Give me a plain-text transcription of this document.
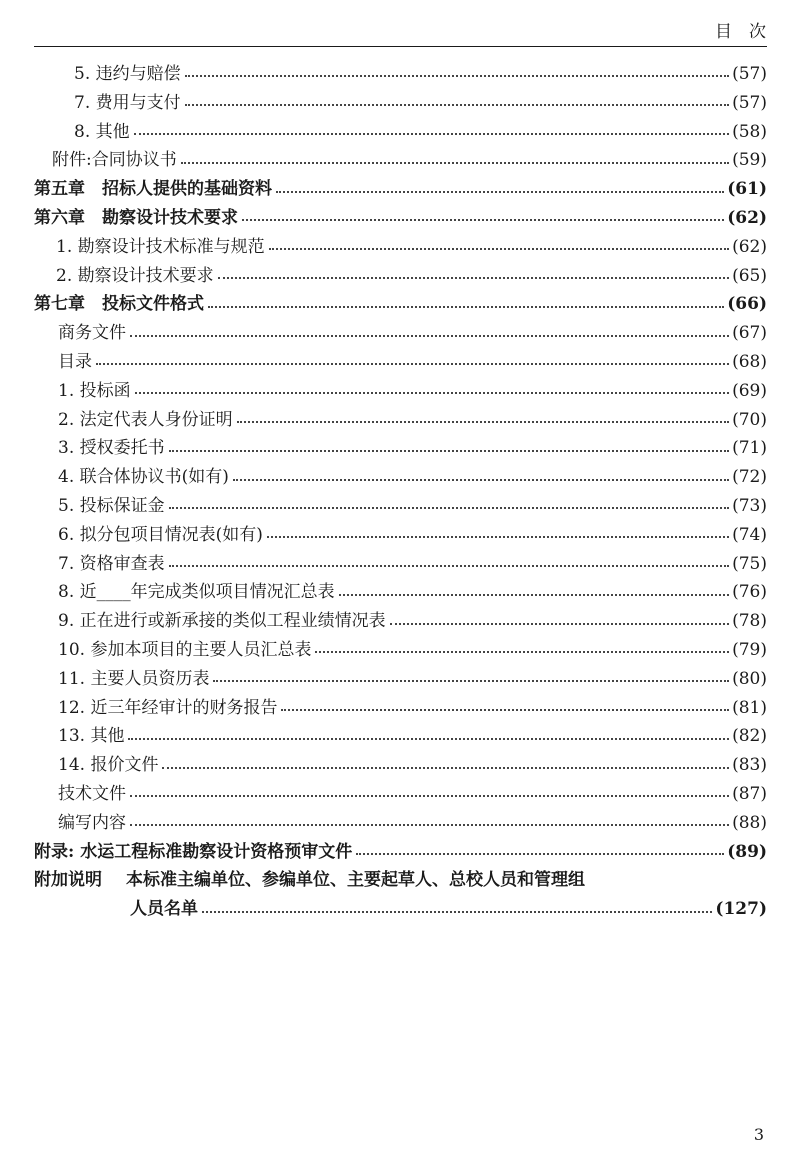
目　次
5. 违约与赔偿	(57)
7. 费用与支付	(57)
8. 其他	(58)
附件:合同协议书	(59)
第五章　招标人提供的基础资料	(61)
第六章　勘察设计技术要求	(62)
1. 勘察设计技术标准与规范	(62)
2. 勘察设计技术要求	(65)
第七章　投标文件格式	(66)
商务文件	(67)
目录	(68)
1. 投标函	(69)
2. 法定代表人身份证明	(70)
3. 授权委托书	(71)
4. 联合体协议书(如有)	(72)
5. 投标保证金	(73)
6. 拟分包项目情况表(如有)	(74)
7. 资格审查表	(75)
8. 近____年完成类似项目情况汇总表	(76)
9. 正在进行或新承接的类似工程业绩情况表	(78)
10. 参加本项目的主要人员汇总表	(79)
11. 主要人员资历表	(80)
12. 近三年经审计的财务报告	(81)
13. 其他	(82)
14. 报价文件	(83)
技术文件	(87)
编写内容	(88)
附录: 水运工程标准勘察设计资格预审文件	(89)
附加说明 本标准主编单位、参编单位、主要起草人、总校人员和管理组
人员名单	(127)
3
